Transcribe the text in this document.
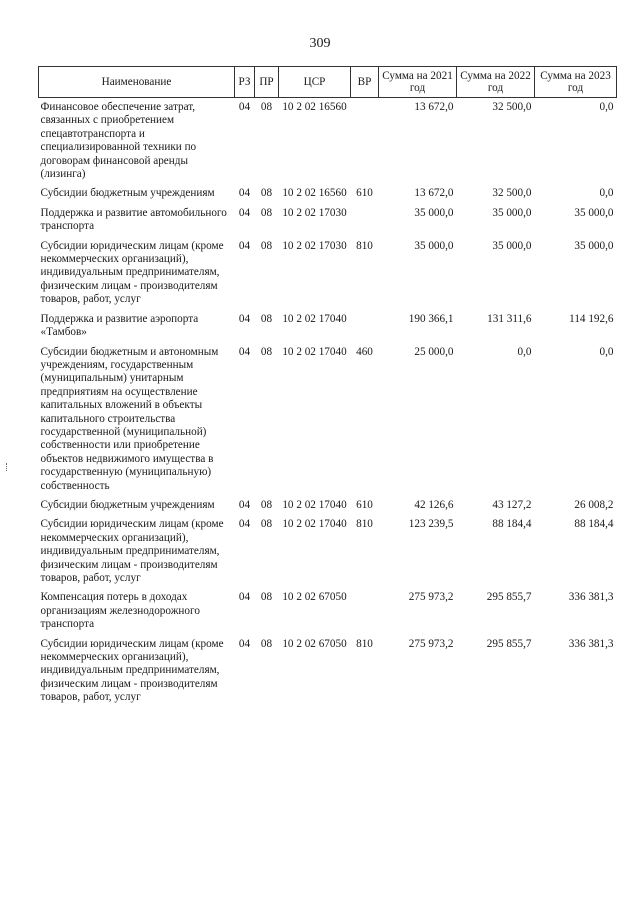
309
Наименование	РЗ	ПР	ЦСР	ВР	Сумма на 2021 год	Сумма на 2022 год	Сумма на 2023 год
Финансовое обеспечение затрат, связанных с приобретением спецавтотранспорта и специализированной техники по договорам финансовой аренды (лизинга)	04	08	10 2 02 16560		13 672,0	32 500,0	0,0
Субсидии бюджетным учреждениям	04	08	10 2 02 16560	610	13 672,0	32 500,0	0,0
Поддержка и развитие автомобильного транспорта	04	08	10 2 02 17030		35 000,0	35 000,0	35 000,0
Субсидии юридическим лицам (кроме некоммерческих организаций), индивидуальным предпринимателям, физическим лицам - производителям товаров, работ, услуг	04	08	10 2 02 17030	810	35 000,0	35 000,0	35 000,0
Поддержка и развитие аэропорта «Тамбов»	04	08	10 2 02 17040		190 366,1	131 311,6	114 192,6
Субсидии бюджетным и автономным учреждениям, государственным (муниципальным) унитарным предприятиям на осуществление капитальных вложений в объекты капитального строительства государственной (муниципальной) собственности или приобретение объектов недвижимого имущества в государственную (муниципальную) собственность	04	08	10 2 02 17040	460	25 000,0	0,0	0,0
Субсидии бюджетным учреждениям	04	08	10 2 02 17040	610	42 126,6	43 127,2	26 008,2
Субсидии юридическим лицам (кроме некоммерческих организаций), индивидуальным предпринимателям, физическим лицам - производителям товаров, работ, услуг	04	08	10 2 02 17040	810	123 239,5	88 184,4	88 184,4
Компенсация потерь в доходах организациям железнодорожного транспорта	04	08	10 2 02 67050		275 973,2	295 855,7	336 381,3
Субсидии юридическим лицам (кроме некоммерческих организаций), индивидуальным предпринимателям, физическим лицам - производителям товаров, работ, услуг	04	08	10 2 02 67050	810	275 973,2	295 855,7	336 381,3
